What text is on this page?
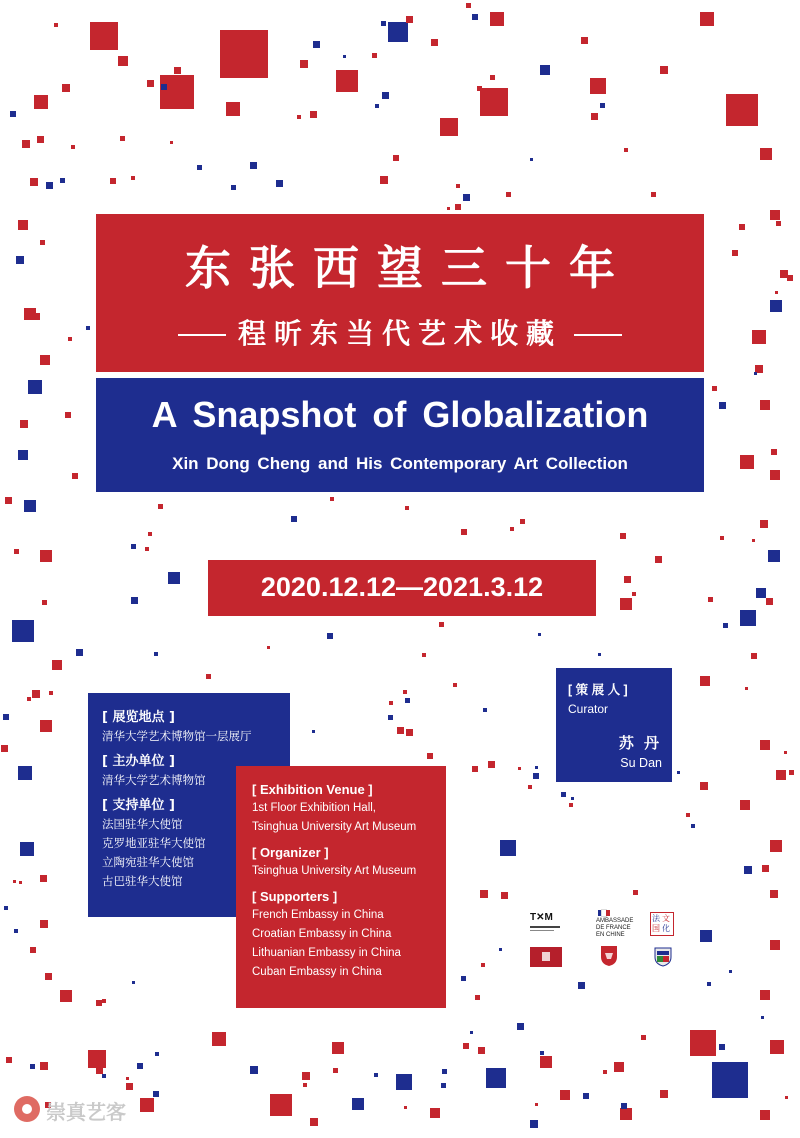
东张西望三十年
程昕东当代艺术收藏
A Snapshot of Globalization
Xin Dong Cheng and His Contemporary Art Collection
2020.12.12—2021.3.12
[ 展览地点 ]
清华大学艺术博物馆一层展厅
[ 主办单位 ]
清华大学艺术博物馆
[ 支持单位 ]
法国驻华大使馆
克罗地亚驻华大使馆
立陶宛驻华大使馆
古巴驻华大使馆
[ Exhibition Venue ]
1st Floor Exhibition Hall,
Tsinghua University Art Museum
[ Organizer ]
Tsinghua University Art Museum
[ Supporters ]
French Embassy in China
Croatian Embassy in China
Lithuanian Embassy in China
Cuban Embassy in China
[ 策 展 人 ]
Curator
苏 丹
Su Dan
T✕M	AMBASSADE
DE FRANCE
EN CHINE
法 文
国 化
崇真艺客
